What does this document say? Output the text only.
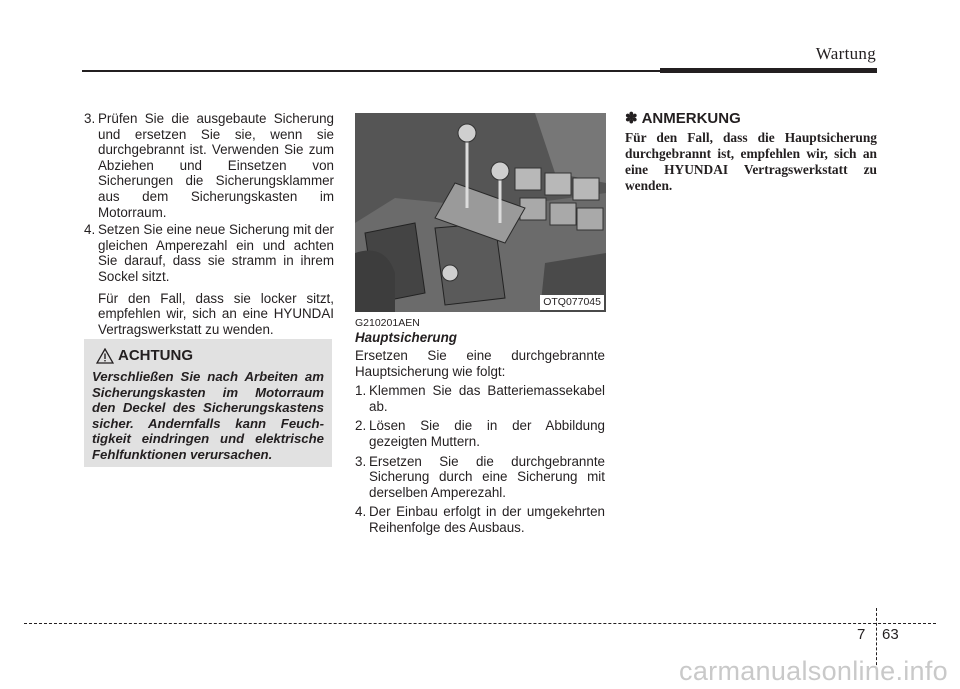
Wartung

3. Prüfen Sie die ausgebaute Sicherung und ersetzen Sie sie, wenn sie durchgebrannt ist. Verwenden Sie zum Abziehen und Einsetzen von Sicherungen die Sicherungsklammer aus dem Sicherungskasten im Motorraum.

4. Setzen Sie eine neue Sicherung mit der gleichen Amperezahl ein und achten Sie darauf, dass sie stramm in ihrem Sockel sitzt.

Für den Fall, dass sie locker sitzt, empfehlen wir, sich an eine HYUNDAI Vertragswerkstatt zu wenden.

ACHTUNG
Verschließen Sie nach Arbeiten am Sicherungskasten im Motorraum den Deckel des Sicherungskastens sicher. Andernfalls kann Feuch-tigkeit eindringen und elektrische Fehlfunktionen verursachen.
OTQ077045
G210201AEN
Hauptsicherung

Ersetzen Sie eine durchgebrannte Hauptsicherung wie folgt:

1. Klemmen Sie das Batteriemassekabel ab.

2. Lösen Sie die in der Abbildung gezeigten Muttern.

3. Ersetzen Sie die durchgebrannte Sicherung durch eine Sicherung mit derselben Amperezahl.

4. Der Einbau erfolgt in der umgekehrten Reihenfolge des Ausbaus.

✽ ANMERKUNG

Für den Fall, dass die Hauptsicherung durchgebrannt ist, empfehlen wir, sich an eine HYUNDAI Vertragswerkstatt zu wenden.

7 63
carmanualsonline.info
